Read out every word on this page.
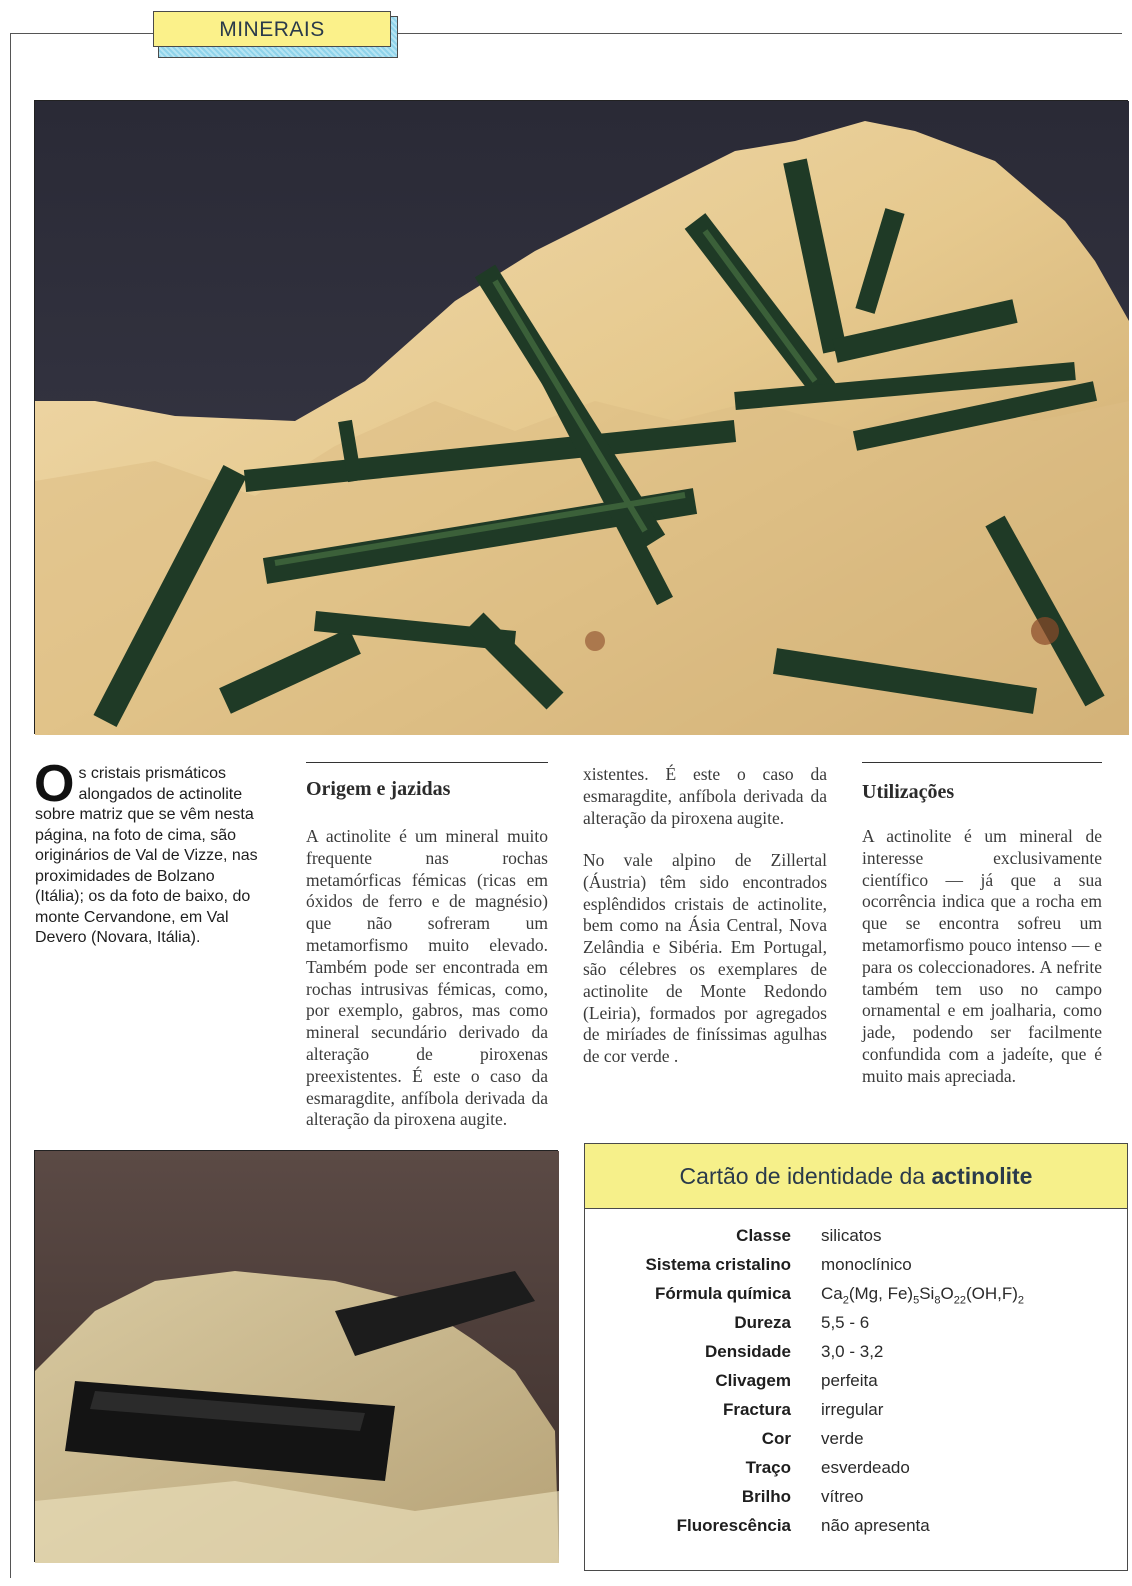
MINERAIS
Os cristais prismáticos alongados de actinolite sobre matriz que se vêm nesta página, na foto de cima, são originários de Val de Vizze, nas proximidades de Bolzano (Itália); os da foto de baixo, do monte Cervandone, em Val Devero (Novara, Itália).
Origem e jazidas
A actinolite é um mineral muito frequente nas rochas metamórficas fémicas (ricas em óxidos de ferro e de magnésio) que não sofreram um metamorfismo muito elevado. Também pode ser encontrada em rochas intrusivas fémicas, como, por exemplo, gabros, mas como mineral secundário derivado da alteração de piroxenas preexistentes. É este o caso da esmaragdite, anfíbola derivada da alteração da piroxena augite.
xistentes. É este o caso da esmaragdite, anfíbola derivada da alteração da piroxena augite.
No vale alpino de Zillertal (Áustria) têm sido encontrados esplêndidos cristais de actinolite, bem como na Ásia Central, Nova Zelândia e Sibéria. Em Portugal, são célebres os exemplares de actinolite de Monte Redondo (Leiria), formados por agregados de miríades de finíssimas agulhas de cor verde .
Utilizações
A actinolite é um mineral de interesse exclusivamente científico — já que a sua ocorrência indica que a rocha em que se encontra sofreu um metamorfismo pouco intenso — e para os coleccionadores. A nefrite também tem uso no campo ornamental e em joalharia, como jade, podendo ser facilmente confundida com a jadeíte, que é muito mais apreciada.
Cartão de identidade da actinolite
Classe silicatos
Sistema cristalino monoclínico
Fórmula química $Ca_2(Mg$, $Fe)_5Si_8O_{22}(OH,F)_2$
Dureza 5,5 - 6
Densidade 3,0 - 3,2
Clivagem perfeita
Fractura irregular
Cor verde
Traço esverdeado
Brilho vítreo
Fluorescência não apresenta
